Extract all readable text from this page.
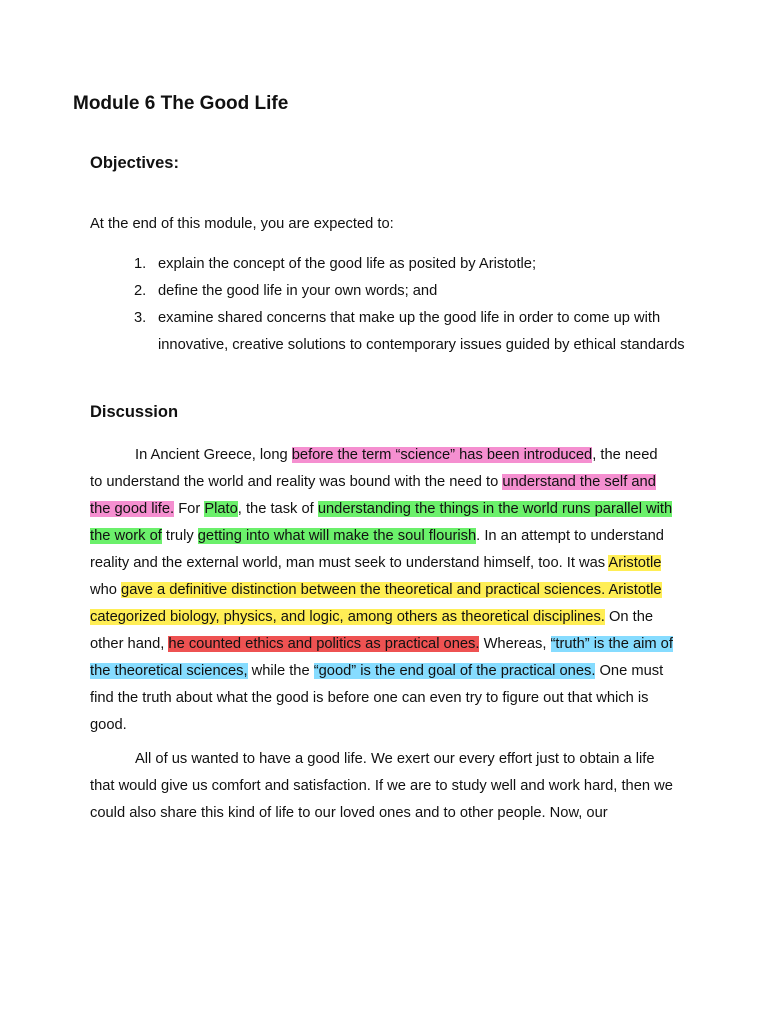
Module 6 The Good Life
Objectives:

At the end of this module, you are expected to:

1. explain the concept of the good life as posited by Aristotle;
2. define the good life in your own words; and
3. examine shared concerns that make up the good life in order to come up with innovative, creative solutions to contemporary issues guided by ethical standards
Discussion

In Ancient Greece, long before the term “science” has been introduced, the need to understand the world and reality was bound with the need to understand the self and the good life. For Plato, the task of understanding the things in the world runs parallel with the work of truly getting into what will make the soul flourish. In an attempt to understand reality and the external world, man must seek to understand himself, too. It was Aristotle who gave a definitive distinction between the theoretical and practical sciences. Aristotle categorized biology, physics, and logic, among others as theoretical disciplines. On the other hand, he counted ethics and politics as practical ones. Whereas, “truth” is the aim of the theoretical sciences, while the “good” is the end goal of the practical ones. One must find the truth about what the good is before one can even try to figure out that which is good.

All of us wanted to have a good life. We exert our every effort just to obtain a life that would give us comfort and satisfaction. If we are to study well and work hard, then we could also share this kind of life to our loved ones and to other people. Now, our
